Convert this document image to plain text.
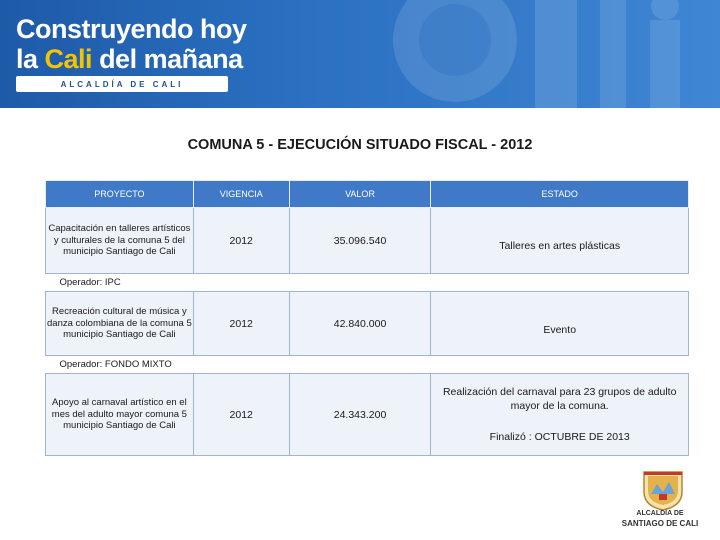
Construyendo hoy
la Cali del mañana
ALCALDÍA DE CALI
COMUNA 5 - EJECUCIÓN SITUADO FISCAL - 2012
PROYECTO	VIGENCIA	VALOR	ESTADO
Capacitación en talleres artísticos y culturales de la comuna 5 del municipio Santiago de Cali	2012	35.096.540	Talleres en artes plásticas

Operador: IPC			
Recreación cultural de música y danza colombiana de la comuna 5 municipio Santiago de Cali	2012	42.840.000	Evento

Operador: FONDO MIXTO			
Apoyo al carnaval artístico en el mes del adulto mayor comuna 5 municipio Santiago de Cali	2012	24.343.200	Realización del carnaval para 23 grupos de adulto mayor de la comuna.
Finalizó : OCTUBRE DE 2013
ALCALDÍA DE
SANTIAGO DE CALI
